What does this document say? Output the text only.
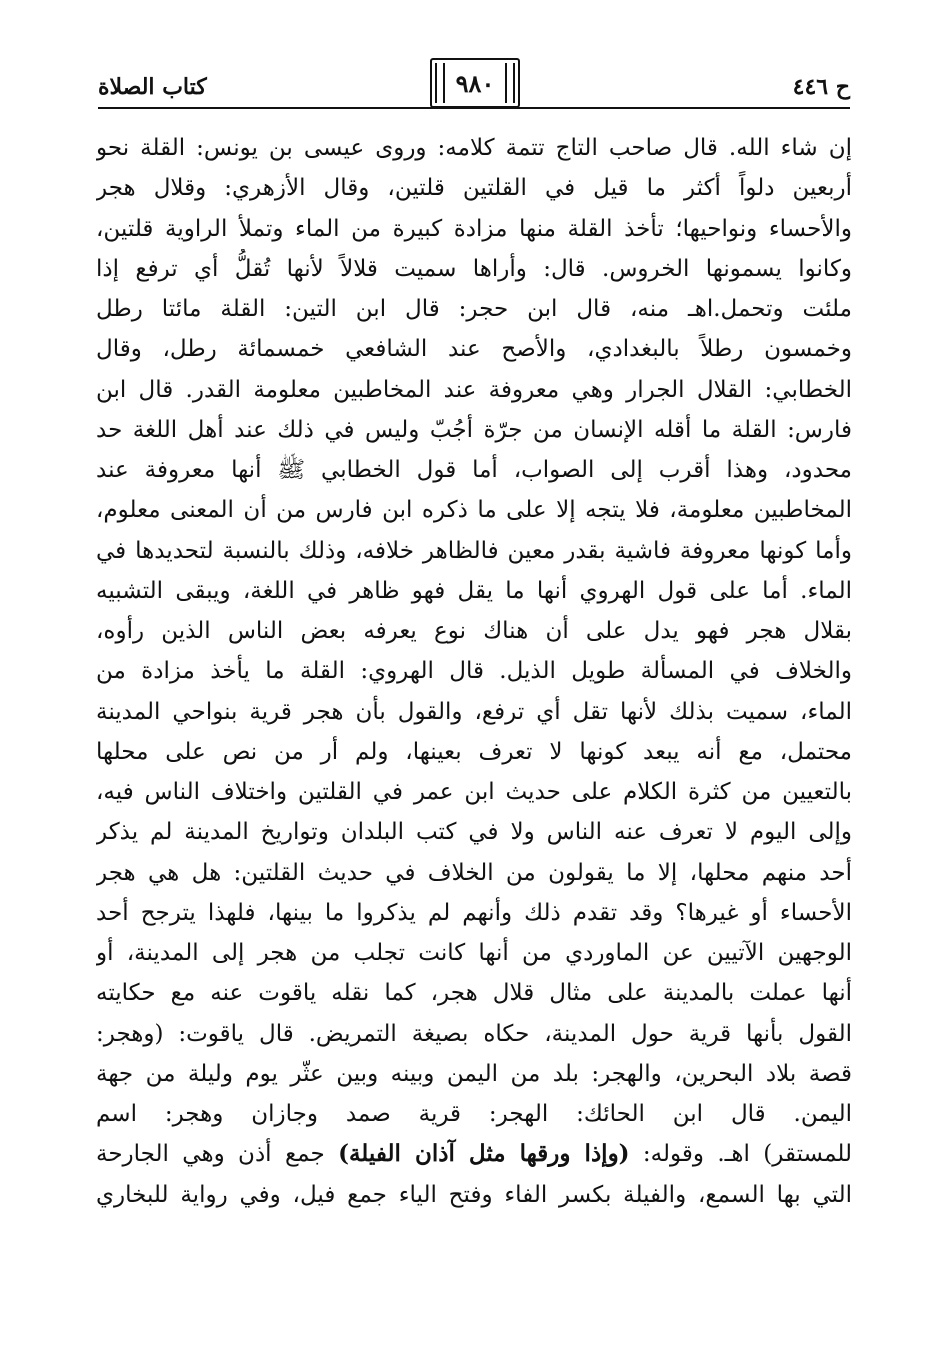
ح ٤٤٦
٩٨٠
كتاب الصلاة
إن شاء الله. قال صاحب التاج تتمة كلامه: وروى عيسى بن يونس: القلة نحو
أربعين دلواً أكثر ما قيل في القلتين قلتين، وقال الأزهري: وقلال هجر
والأحساء ونواحيها؛ تأخذ القلة منها مزادة كبيرة من الماء وتملأ الراوية قلتين،
وكانوا يسمونها الخروس. قال: وأراها سميت قلالاً لأنها تُقلُّ أي ترفع إذا
ملئت وتحمل.اهـ منه، قال ابن حجر: قال ابن التين: القلة مائتا رطل
وخمسون رطلاً بالبغدادي، والأصح عند الشافعي خمسمائة رطل، وقال
الخطابي: القلال الجرار وهي معروفة عند المخاطبين معلومة القدر. قال ابن
فارس: القلة ما أقله الإنسان من جرّة أجُبّ وليس في ذلك عند أهل اللغة حد
محدود، وهذا أقرب إلى الصواب، أما قول الخطابي ﷺ أنها معروفة عند
المخاطبين معلومة، فلا يتجه إلا على ما ذكره ابن فارس من أن المعنى معلوم،
وأما كونها معروفة فاشية بقدر معين فالظاهر خلافه، وذلك بالنسبة لتحديدها في
الماء. أما على قول الهروي أنها ما يقل فهو ظاهر في اللغة، ويبقى التشبيه
بقلال هجر فهو يدل على أن هناك نوع يعرفه بعض الناس الذين رأوه،
والخلاف في المسألة طويل الذيل. قال الهروي: القلة ما يأخذ مزادة من
الماء، سميت بذلك لأنها تقل أي ترفع، والقول بأن هجر قرية بنواحي المدينة
محتمل، مع أنه يبعد كونها لا تعرف بعينها، ولم أر من نص على محلها
بالتعيين من كثرة الكلام على حديث ابن عمر في القلتين واختلاف الناس فيه،
وإلى اليوم لا تعرف عنه الناس ولا في كتب البلدان وتواريخ المدينة لم يذكر
أحد منهم محلها، إلا ما يقولون من الخلاف في حديث القلتين: هل هي هجر
الأحساء أو غيرها؟ وقد تقدم ذلك وأنهم لم يذكروا ما بينها، فلهذا يترجح أحد
الوجهين الآتيين عن الماوردي من أنها كانت تجلب من هجر إلى المدينة، أو
أنها عملت بالمدينة على مثال قلال هجر، كما نقله ياقوت عنه مع حكايته
القول بأنها قرية حول المدينة، حكاه بصيغة التمريض. قال ياقوت: (وهجر:
قصة بلاد البحرين، والهجر: بلد من اليمن وبينه وبين عثّر يوم وليلة من جهة
اليمن. قال ابن الحائك: الهجر: قرية صمد وجازان وهجر: اسم
للمستقر) اهـ. وقوله: (وإذا ورقها مثل آذان الفيلة) جمع أذن وهي الجارحة
التي بها السمع، والفيلة بكسر الفاء وفتح الياء جمع فيل، وفي رواية للبخاري
